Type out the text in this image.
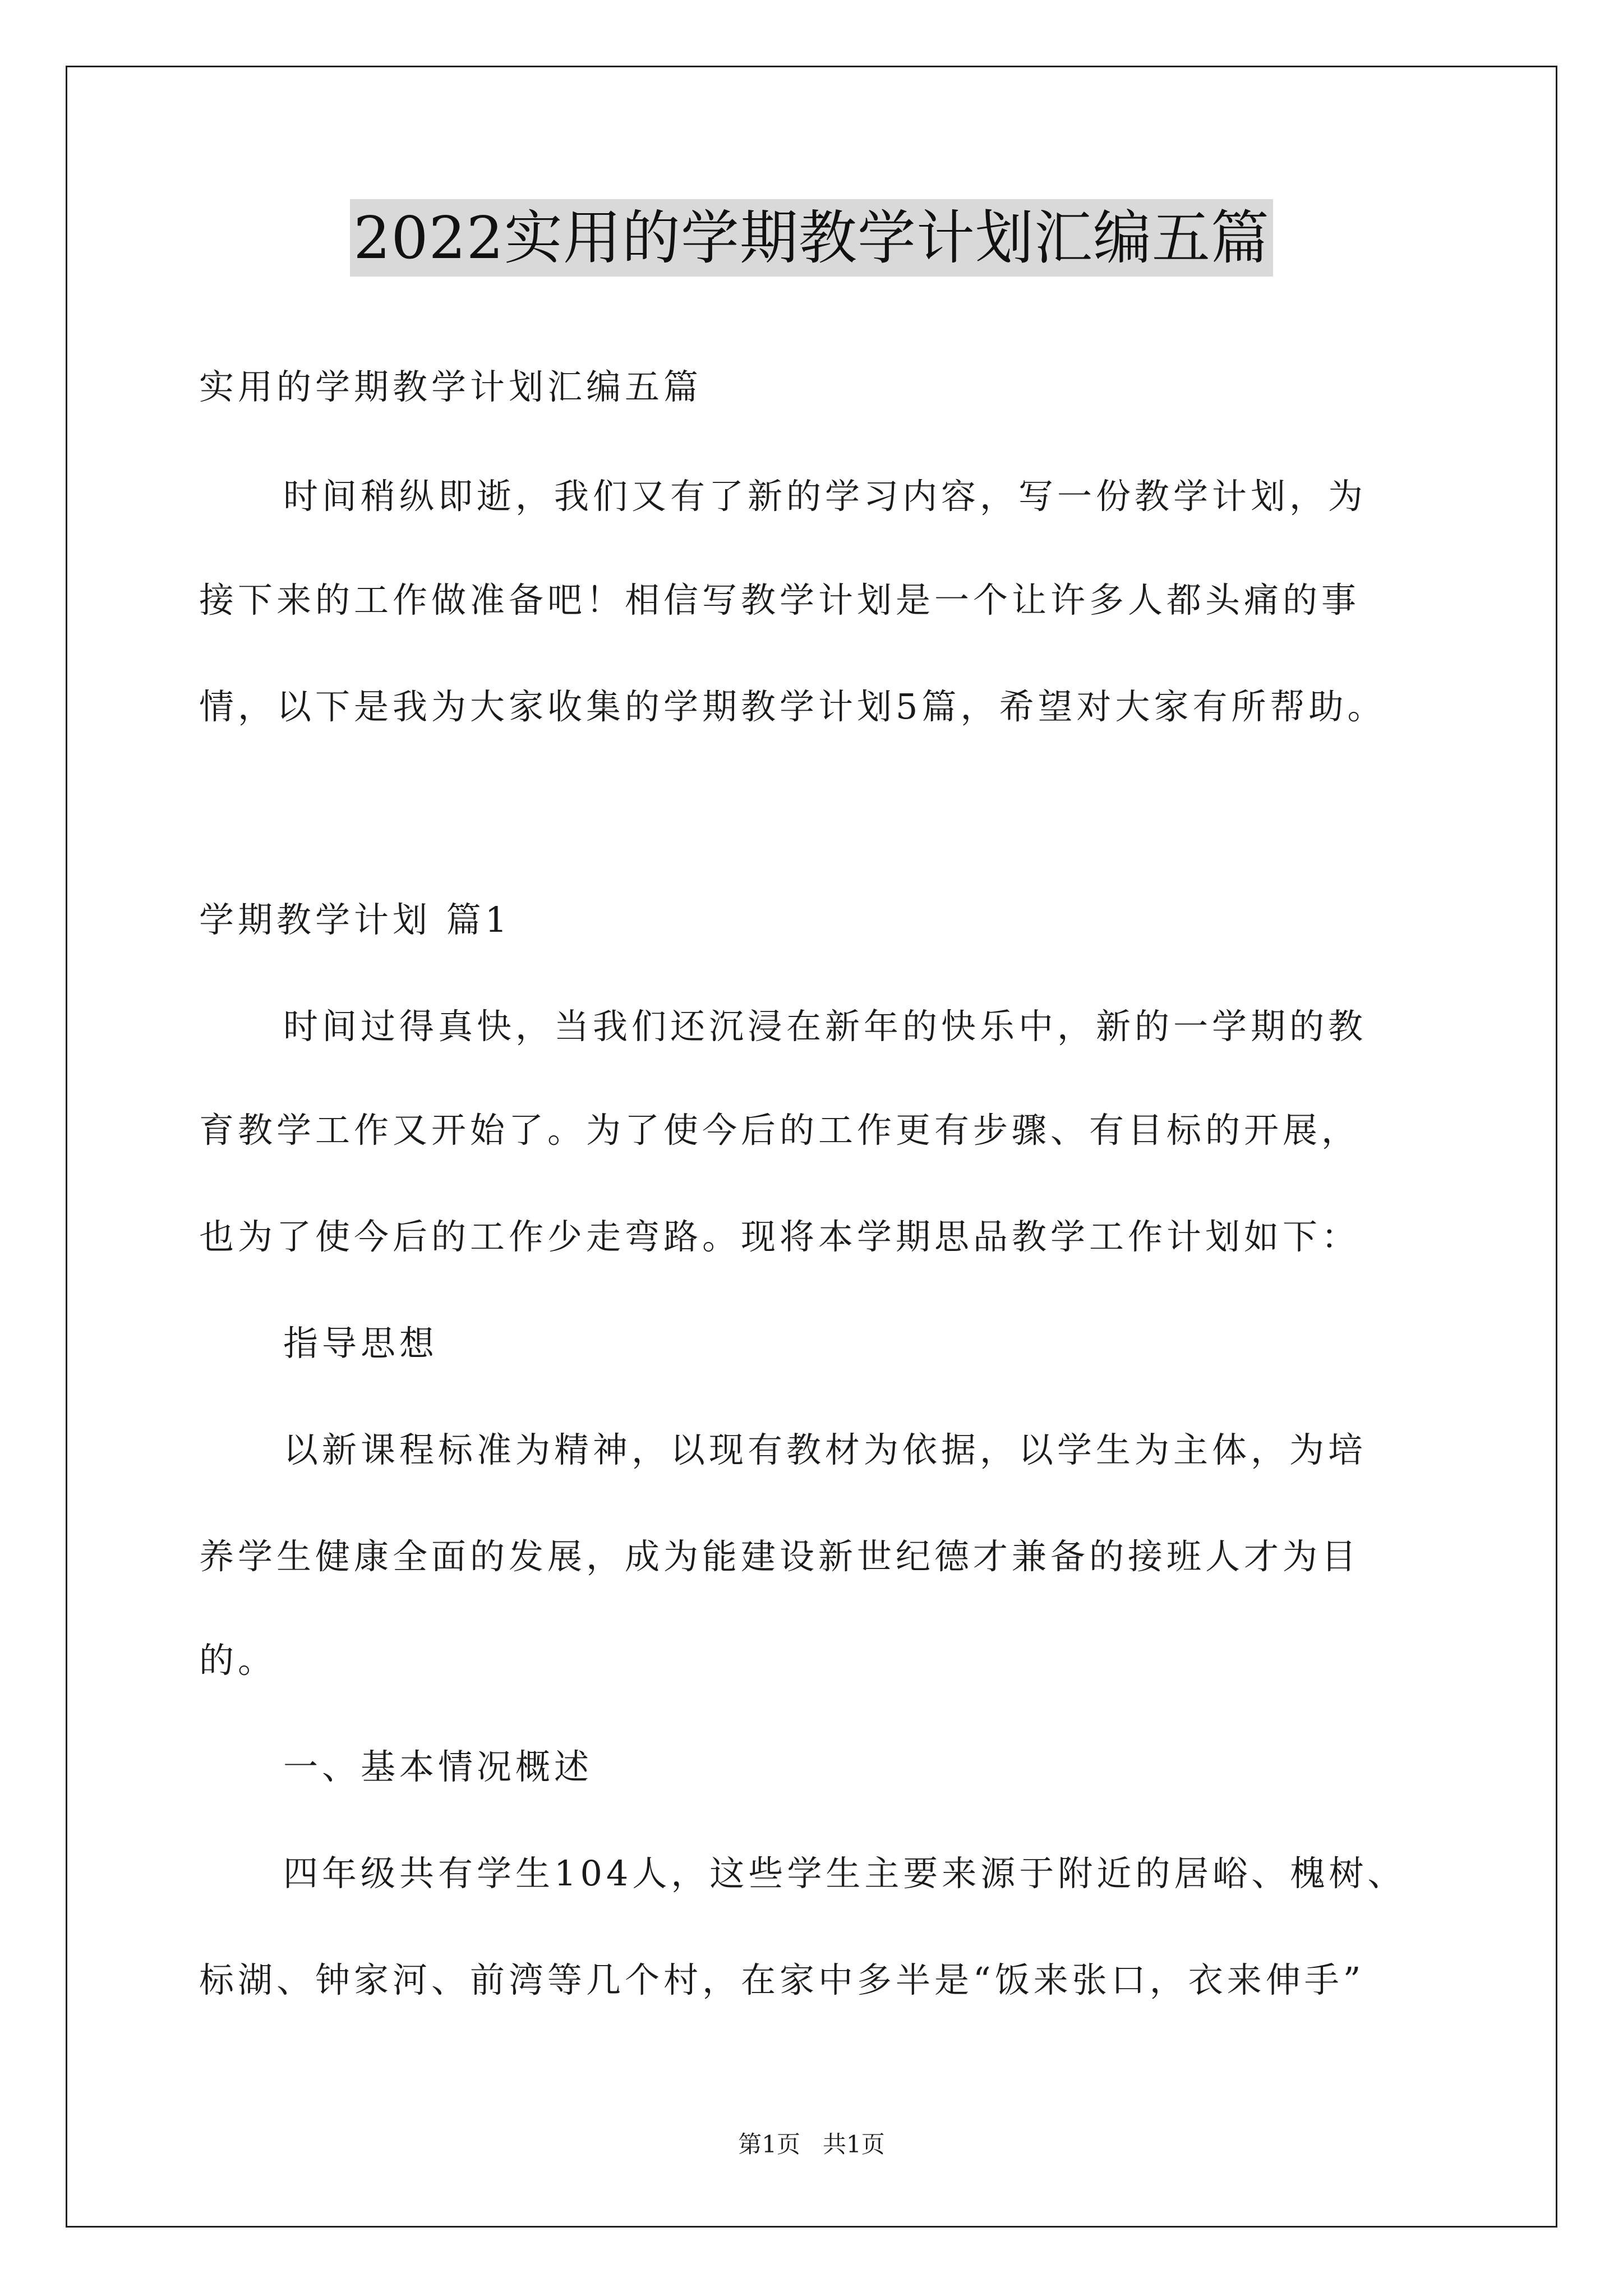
2022实用的学期教学计划汇编五篇
实用的学期教学计划汇编五篇
时间稍纵即逝，我们又有了新的学习内容，写一份教学计划，为
接下来的工作做准备吧！相信写教学计划是一个让许多人都头痛的事
情，以下是我为大家收集的学期教学计划5篇，希望对大家有所帮助。
学期教学计划 篇1
时间过得真快，当我们还沉浸在新年的快乐中，新的一学期的教
育教学工作又开始了。为了使今后的工作更有步骤、有目标的开展，
也为了使今后的工作少走弯路。现将本学期思品教学工作计划如下：
指导思想
以新课程标准为精神，以现有教材为依据，以学生为主体，为培
养学生健康全面的发展，成为能建设新世纪德才兼备的接班人才为目
的。
一、基本情况概述
四年级共有学生104人，这些学生主要来源于附近的居峪、槐树、
标湖、钟家河、前湾等几个村，在家中多半是“饭来张口，衣来伸手”
第1页   共1页
